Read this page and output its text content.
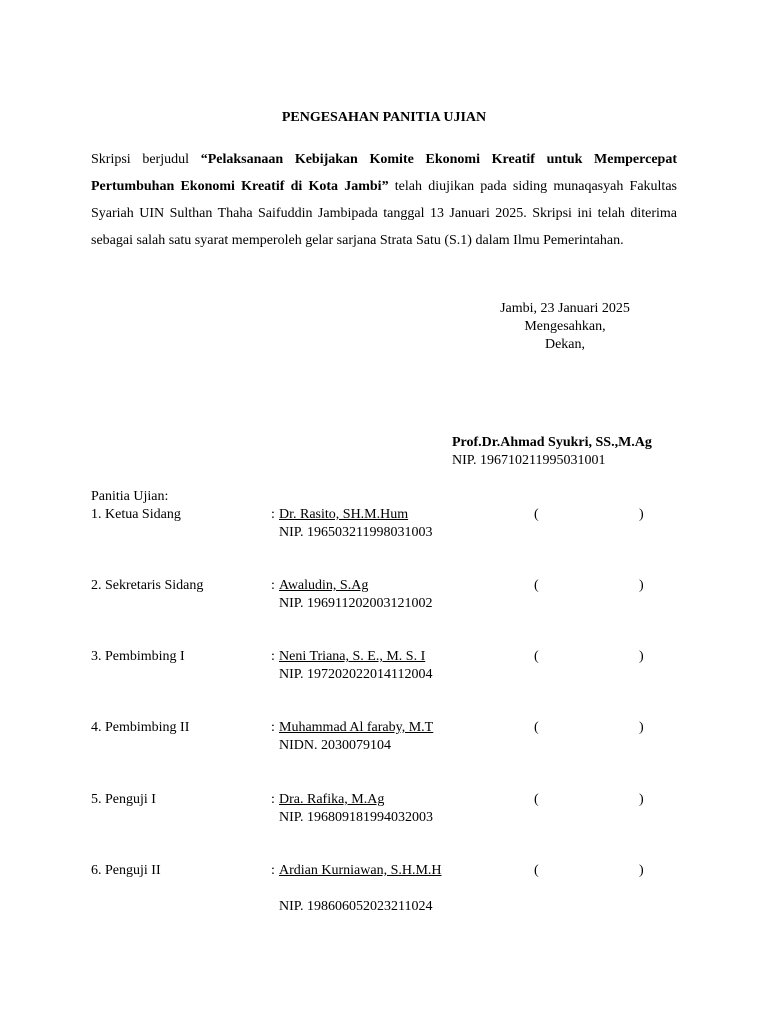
PENGESAHAN PANITIA UJIAN
Skripsi berjudul “Pelaksanaan Kebijakan Komite Ekonomi Kreatif untuk Mempercepat Pertumbuhan Ekonomi Kreatif di Kota Jambi” telah diujikan pada siding munaqasyah Fakultas Syariah UIN Sulthan Thaha Saifuddin Jambipada tanggal 13 Januari 2025. Skripsi ini telah diterima sebagai salah satu syarat memperoleh gelar sarjana Strata Satu (S.1) dalam Ilmu Pemerintahan.
Jambi, 23 Januari 2025
Mengesahkan,
Dekan,
Prof.Dr.Ahmad Syukri, SS.,M.Ag
NIP. 196710211995031001
Panitia Ujian:
1. Ketua Sidang	: Dr. Rasito, SH.M.Hum
NIP. 196503211998031003
(	)
2. Sekretaris Sidang	: Awaludin, S.Ag
NIP. 196911202003121002
(	)
3. Pembimbing I	: Neni Triana, S. E., M. S. I
NIP. 197202022014112004
(	)
4. Pembimbing II	: Muhammad Al faraby, M.T
NIDN. 2030079104
(	)
5. Penguji I	: Dra. Rafika, M.Ag
NIP. 196809181994032003
(	)
6. Penguji II	: Ardian Kurniawan, S.H.M.H
NIP. 198606052023211024
(	)
